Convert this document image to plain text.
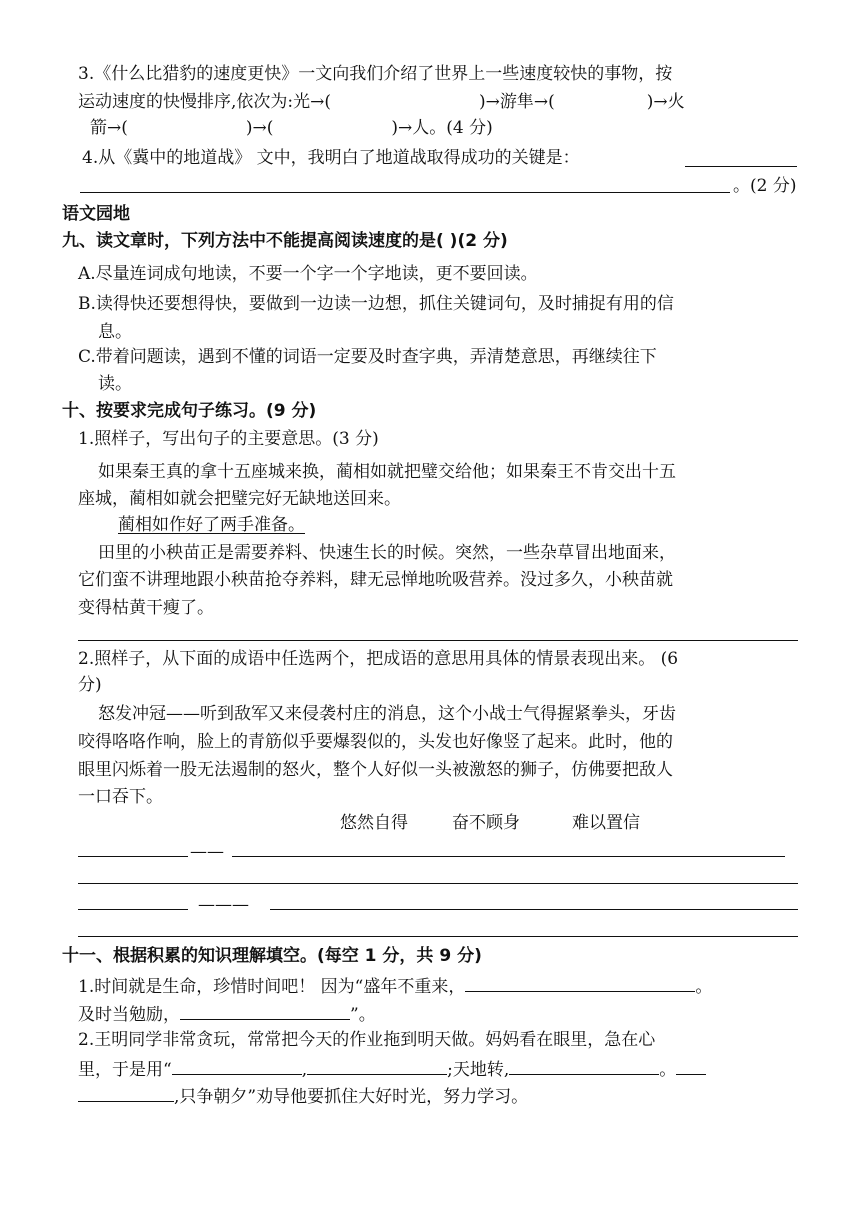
3.《什么比猎豹的速度更快》一文向我们介绍了世界上一些速度较快的事物，按
运动速度的快慢排序,依次为:光→(	)→游隼→(	)→火
箭→(	)→(	)→人。(4 分)
4.从《冀中的地道战》 文中，我明白了地道战取得成功的关键是：
。(2 分)
语文园地
九、读文章时，下列方法中不能提高阅读速度的是( )(2 分)
A.尽量连词成句地读，不要一个字一个字地读，更不要回读。
B.读得快还要想得快，要做到一边读一边想，抓住关键词句，及时捕捉有用的信
息。
C.带着问题读，遇到不懂的词语一定要及时查字典，弄清楚意思，再继续往下
读。
十、按要求完成句子练习。(9 分)
1.照样子，写出句子的主要意思。(3 分)
如果秦王真的拿十五座城来换，蔺相如就把璧交给他；如果秦王不肯交出十五
座城，蔺相如就会把璧完好无缺地送回来。
蔺相如作好了两手准备。
田里的小秧苗正是需要养料、快速生长的时候。突然，一些杂草冒出地面来，
它们蛮不讲理地跟小秧苗抢夺养料，肆无忌惮地吮吸营养。没过多久，小秧苗就
变得枯黄干瘦了。
2.照样子，从下面的成语中任选两个，把成语的意思用具体的情景表现出来。 (6
分)
怒发冲冠——听到敌军又来侵袭村庄的消息，这个小战士气得握紧拳头，牙齿
咬得咯咯作响，脸上的青筋似乎要爆裂似的，头发也好像竖了起来。此时，他的
眼里闪烁着一股无法遏制的怒火，整个人好似一头被激怒的狮子，仿佛要把敌人
一口吞下。
悠然自得	奋不顾身	难以置信
——
———
十一、根据积累的知识理解填空。(每空 1 分，共 9 分)
1.时间就是生命，珍惜时间吧！ 因为“盛年不重来，	。
及时当勉励，	”。
2.王明同学非常贪玩，常常把今天的作业拖到明天做。妈妈看在眼里，急在心
里，于是用“	,	;天地转,	。
,只争朝夕”劝导他要抓住大好时光，努力学习。
